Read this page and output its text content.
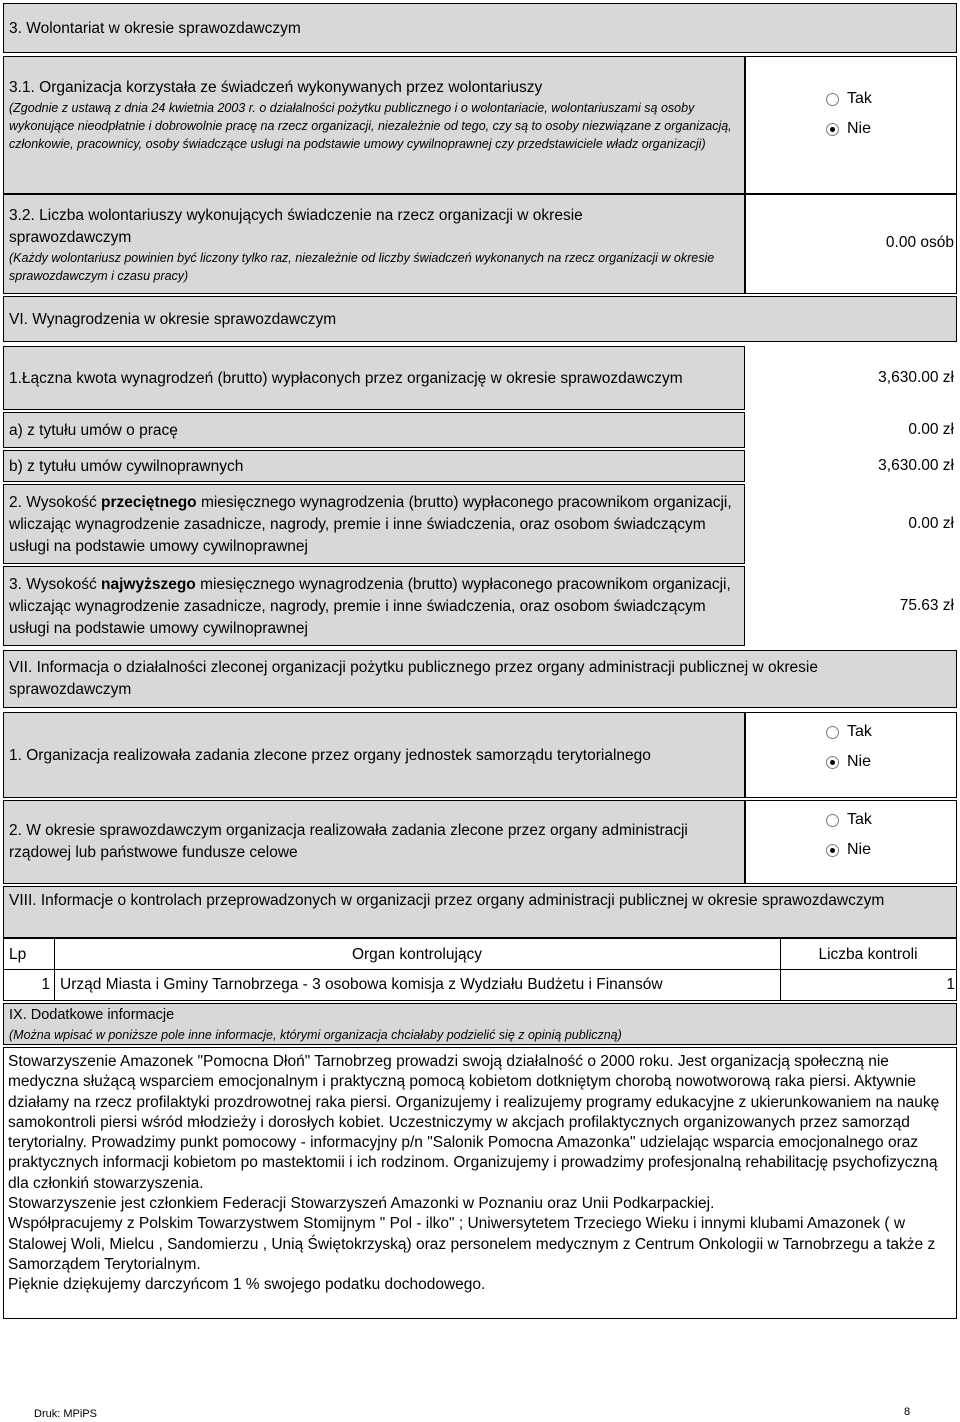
3. Wolontariat w okresie sprawozdawczym
3.1. Organizacja korzystała ze świadczeń wykonywanych przez wolontariuszy
(Zgodnie z ustawą z dnia 24 kwietnia 2003 r. o działalności pożytku publicznego i o wolontariacie, wolontariuszami są osoby wykonujące nieodpłatnie i dobrowolnie pracę na rzecz organizacji, niezależnie od tego, czy są to osoby niezwiązane z organizacją, członkowie, pracownicy, osoby świadczące usługi na podstawie umowy cywilnoprawnej czy przedstawiciele władz organizacji)
Tak
Nie
3.2. Liczba wolontariuszy wykonujących świadczenie na rzecz organizacji w okresie sprawozdawczym
(Każdy wolontariusz powinien być liczony tylko raz, niezależnie od liczby świadczeń wykonanych na rzecz organizacji w okresie sprawozdawczym i czasu pracy)
0.00 osób
VI. Wynagrodzenia w okresie sprawozdawczym
1.Łączna kwota wynagrodzeń (brutto) wypłaconych przez organizację w okresie sprawozdawczym	3,630.00 zł
a) z tytułu umów o pracę	0.00 zł
b) z tytułu umów cywilnoprawnych	3,630.00 zł
2. Wysokość przeciętnego miesięcznego wynagrodzenia (brutto) wypłaconego pracownikom organizacji, wliczając wynagrodzenie zasadnicze, nagrody, premie i inne świadczenia, oraz osobom świadczącym usługi na podstawie umowy cywilnoprawnej
0.00 zł
3. Wysokość najwyższego miesięcznego wynagrodzenia (brutto) wypłaconego pracownikom organizacji, wliczając wynagrodzenie zasadnicze, nagrody, premie i inne świadczenia, oraz osobom świadczącym usługi na podstawie umowy cywilnoprawnej
75.63 zł
VII. Informacja o działalności zleconej organizacji pożytku publicznego przez organy administracji publicznej w okresie sprawozdawczym
1. Organizacja realizowała zadania zlecone przez organy jednostek samorządu terytorialnego
Tak
Nie
2. W okresie sprawozdawczym organizacja realizowała zadania zlecone przez organy administracji rządowej lub państwowe fundusze celowe
Tak
Nie
VIII. Informacje o kontrolach przeprowadzonych w organizacji przez organy administracji publicznej w okresie sprawozdawczym
Lp	Organ kontrolujący	Liczba kontroli
1 Urząd Miasta i Gminy Tarnobrzega - 3 osobowa komisja z Wydziału Budżetu i Finansów	1
IX. Dodatkowe informacje
(Można wpisać w poniższe pole inne informacje, którymi organizacja chciałaby podzielić się z opinią publiczną)
Stowarzyszenie Amazonek "Pomocna Dłoń" Tarnobrzeg prowadzi swoją działalność o 2000 roku. Jest organizacją społeczną nie medyczna służącą wsparciem emocjonalnym i praktyczną pomocą kobietom dotkniętym chorobą nowotworową raka piersi. Aktywnie działamy na rzecz profilaktyki prozdrowotnej raka piersi. Organizujemy i realizujemy programy edukacyjne z ukierunkowaniem na naukę samokontroli piersi wśród młodzieży i dorosłych kobiet. Uczestniczymy w akcjach profilaktycznych organizowanych przez samorząd terytorialny. Prowadzimy punkt pomocowy - informacyjny p/n "Salonik Pomocna Amazonka" udzielając wsparcia emocjonalnego oraz praktycznych informacji kobietom po mastektomii i ich rodzinom. Organizujemy i prowadzimy profesjonalną rehabilitację psychofizyczną dla członkiń stowarzyszenia.
Stowarzyszenie jest członkiem Federacji Stowarzyszeń Amazonki w Poznaniu oraz Unii Podkarpackiej.
Współpracujemy z Polskim Towarzystwem Stomijnym " Pol - ilko" ; Uniwersytetem Trzeciego Wieku i innymi klubami Amazonek ( w Stalowej Woli, Mielcu , Sandomierzu , Unią Świętokrzyską) oraz personelem medycznym z Centrum Onkologii w Tarnobrzegu a także z Samorządem Terytorialnym.
Pięknie dziękujemy darczyńcom 1 % swojego podatku dochodowego.
Druk: MPiPS	8
